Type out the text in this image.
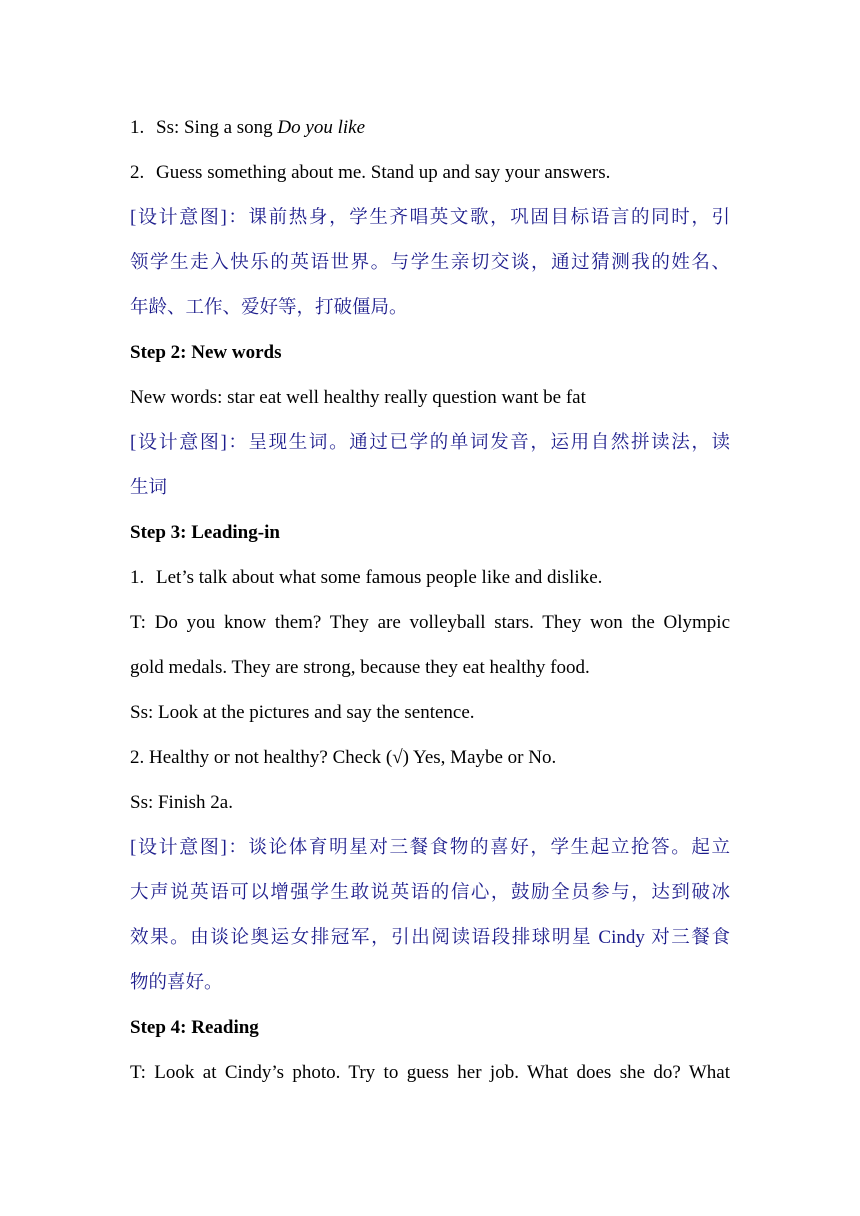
1. Ss: Sing a song Do you like
2. Guess something about me. Stand up and say your answers.
[设计意图]：课前热身，学生齐唱英文歌，巩固目标语言的同时，引
领学生走入快乐的英语世界。与学生亲切交谈，通过猜测我的姓名、
年龄、工作、爱好等，打破僵局。
Step 2: New words
New words: star eat well healthy really question want be fat
[设计意图]：呈现生词。通过已学的单词发音，运用自然拼读法，读
生词
Step 3: Leading-in
1. Let’s talk about what some famous people like and dislike.
T: Do you know them? They are volleyball stars. They won the Olympic
gold medals. They are strong, because they eat healthy food.
Ss: Look at the pictures and say the sentence.
2. Healthy or not healthy? Check (√) Yes, Maybe or No.
Ss: Finish 2a.
[设计意图]：谈论体育明星对三餐食物的喜好，学生起立抢答。起立
大声说英语可以增强学生敢说英语的信心，鼓励全员参与，达到破冰
效果。由谈论奥运女排冠军，引出阅读语段排球明星 Cindy 对三餐食
物的喜好。
Step 4: Reading
T: Look at Cindy’s photo. Try to guess her job. What does she do? What
